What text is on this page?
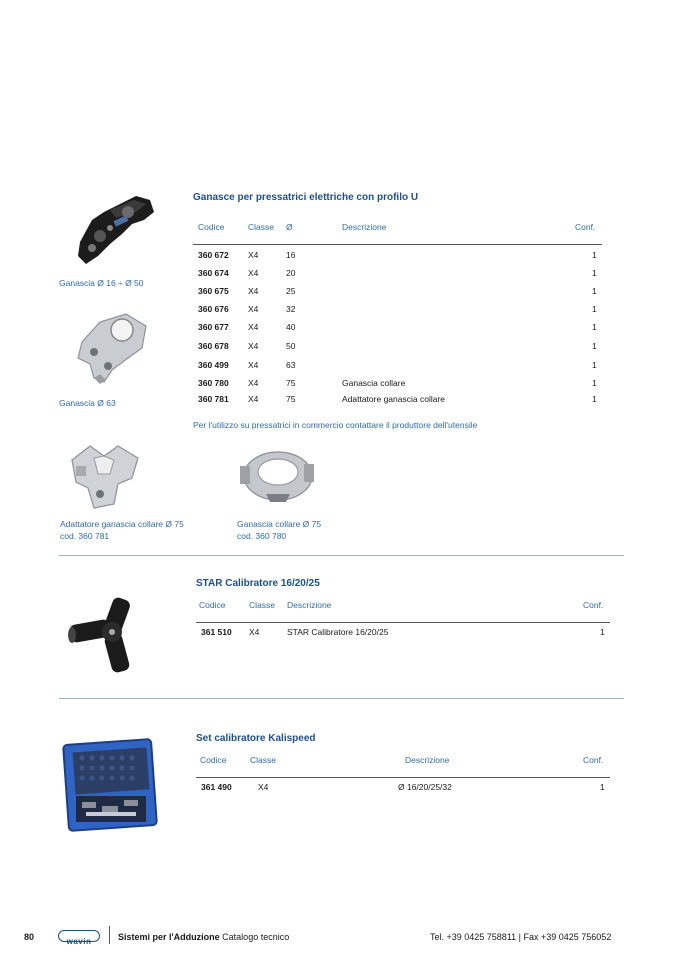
Ganascia Ø 16 ÷ Ø 50
Ganascia Ø 63
Ganasce per pressatrici elettriche con profilo U
Codice	Classe Ø	Descrizione	Conf.
360 672 X4	16	1
360 674 X4	20	1
360 675 X4	25	1
360 676 X4	32	1
360 677 X4	40	1
360 678 X4	50	1
360 499 X4	63	1
360 780 X4	75	Ganascia collare	1
360 781 X4	75	Adattatore ganascia collare	1
Per l'utilizzo su pressatrici in commercio contattare il produttore dell'utensile
Adattatore ganascia collare Ø 75
cod. 360 781
Ganascia collare Ø 75
cod. 360 780
STAR Calibratore 16/20/25
Codice	Classe Descrizione	Conf.
361 510 X4	STAR Calibratore 16/20/25	1
Set calibratore Kalispeed
Codice	Classe	Descrizione	Conf.
361 490	X4	Ø 16/20/25/32	1
80	wavin	Sistemi per l'Adduzione Catalogo tecnico	Tel. +39 0425 758811 | Fax +39 0425 756052
